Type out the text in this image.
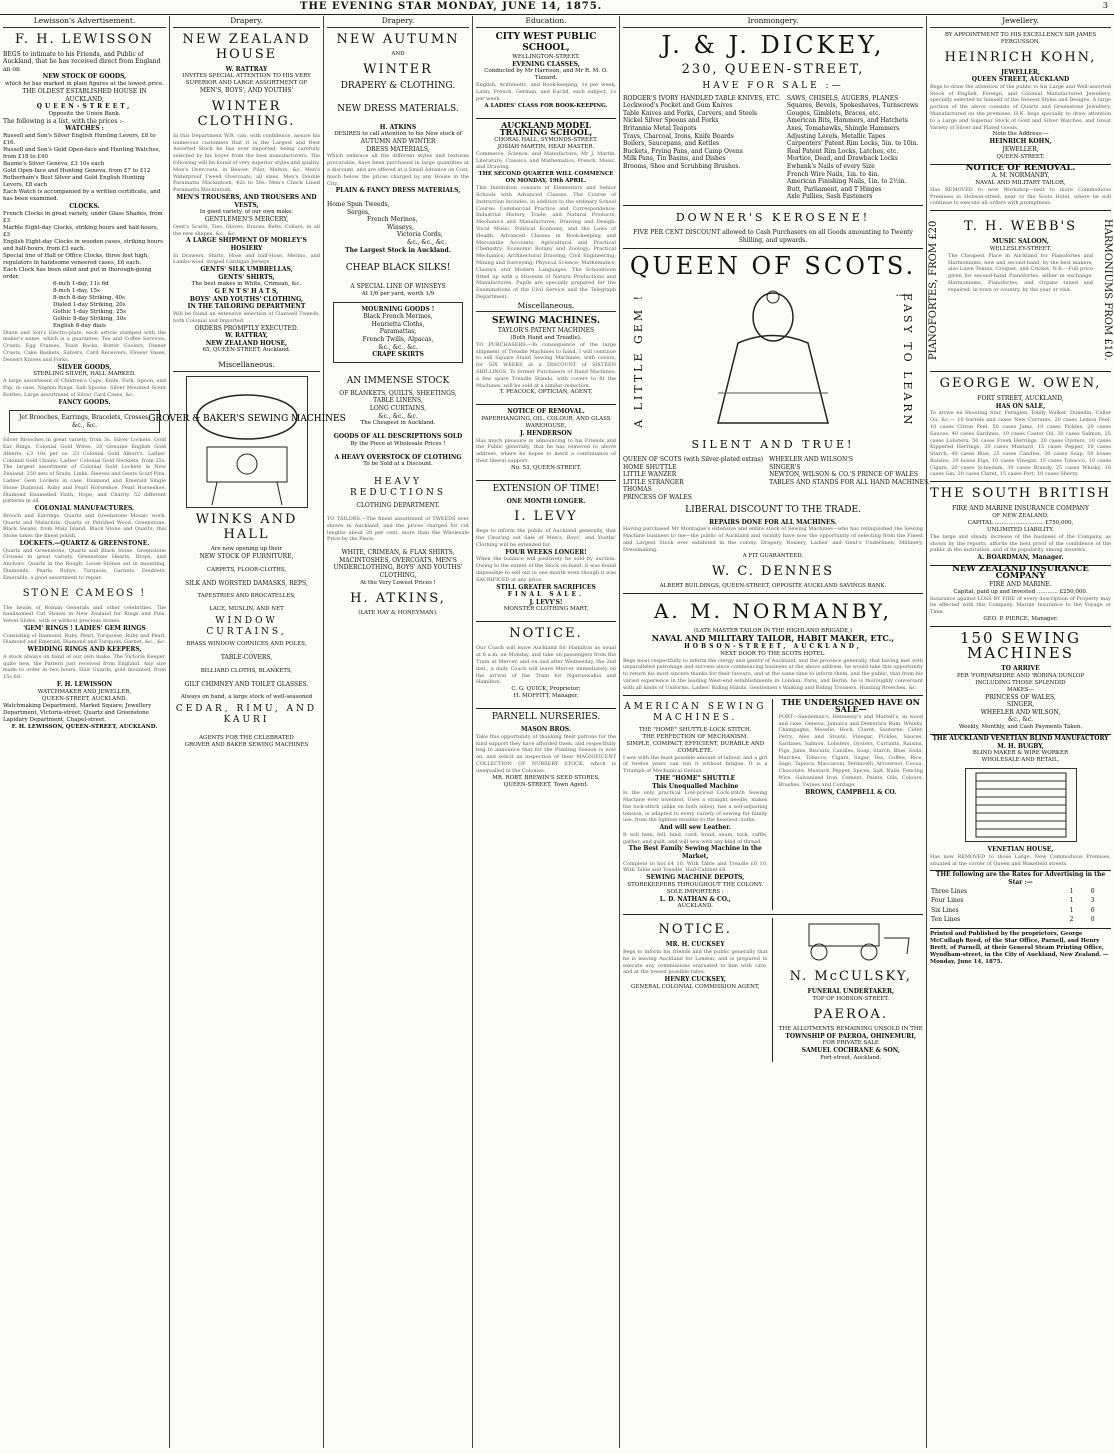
THE EVENING STAR MONDAY, JUNE 14, 1875.	3
Lewisson's Advertisement.
F. H. LEWISSON
BEGS to intimate to his Friends, and Public of Auckland, that he has received direct from England an on
NEW STOCK OF GOODS,
which he has marked in plain figures at the lowest price.
THE OLDEST ESTABLISHED HOUSE IN AUCKLAND,
QUEEN-STREET,
Opposite the Union Bank.
The following is a list, with the prices :-
WATCHES :
Russell and Son's Silver English Hunting Levers, £8 to £16.
Russell and Son's Gold Open-face and Hunting Watches, from £18 to £40
Baume's Silver Geneva, £3 10s each
Gold Open-face and Hunting Geneva, from £7 to £12
Rotherham's Best Silver and Gold English Hunting Levers, £8 each
Each Watch is accompanied by a written certificate, and has been examined.
CLOCKS.
French Clocks in great variety, under Glass Shades, from £3
Marble Eight-day Clocks, striking hours and half-hours, £3
English Eight-day Clocks in wooden cases, striking hours and half-hours, from £3 each.
Special line of Hall or Office Clocks, three feet high, regulators in handsome veneered cases, £6 each.
Each Clock has been oiled and put in thorough-going order.
6-inch 1-day, 11s 6d
8-inch 1-day, 15s
8-inch 8-day Striking, 40s
Dialed 1-day Striking, 20s
Gothic 1-day Striking, 25s
Gothic 8-day Striking, 30s
English 8-day dials
Dixon and Son's Electro-plate, each article stamped with the maker's name, which is a guarantee. Tea and Coffee Services, Cruets, Egg Frames, Toast Racks, Butter Coolers, Dinner Cruets, Cake Baskets, Salvers, Card Receivers, Flower Vases, Dessert Knives and Forks.
SILVER GOODS,
STERLING SILVER, HALL MARKED.
A large assortment of Children's Cups, Knife, Fork, Spoon, and Pap, in case. Napkin Rings, Salt Spoons. Silver Mounted Scent Bottles. Large assortment of Silver Card Cases, &c.
FANCY GOODS.
Jet Brooches, Earrings, Bracelets, Crosses, &c., &c.
Silver Brooches in great variety, from 3s. Silver Lockets. Gold Ear Rings. Colonial Gold Wires. 20 Genuine English Gold Alberts, £3 10s per oz. 23 Colonial Gold Albert's. Ladies' Colonial Gold Chains. Ladies' Colonial Gold Necklets, from 25s. The largest assortment of Colonial Gold Lockets in New Zealand. 250 sets of Studs, Links, Sleeves and Gents Scarf Pins. Ladies' Gem Lockets in case. Diamond and Emerald Single Stone Diamond. Ruby and Pearl Horseshoe. Pearl Horseshoe. Diamond Enamelled Faith, Hope, and Charity. 52 different patterns in all.
COLONIAL MANUFACTURES.
Brooch and Earrings. Quartz and Greenstone Mosaic work. Quartz and Malachite. Quartz or Petrified Wood. Greenstone. Black Swans, from Maiz Island. Black Stone and Quartz; this Stone takes the finest polish.
LOCKETS.—QUARTZ & GREENSTONE.
Quartz and Greenstone, Quartz and Black Stone. Greenstone Crosses in great variety. Greenstone Hearts, Drops, and Anchors. Quartz in the Rough. Loose Stones set in mounting. Diamonds, Pearls, Rubys, Turquois, Garnets. Doublets, Emeralds, a good assortment to repair.
STONE CAMEOS !
The heads of Roman Generals and other celebrities. The handsomest Cut Stones in New Zealand for Rings and Pins. Velvet Slides, with or without precious stones.
'GEM' RINGS ! LADIES' GEM RINGS
Consisting of Diamond, Ruby, Pearl, Turquoise, Ruby and Pearl, Diamond and Emerald, Diamond and Turquois, Garnet, &c., &c.
WEDDING RINGS AND KEEPERS,
A stock always on hand of our own make. The Victoria Keeper, quite new, the Pattern just received from England. Any size made to order in two hours. Hair Guards, gold mounted, from 15s 6d.
F. H. LEWISSON
WATCHMAKER AND JEWELLER,
QUEEN-STREET, AUCKLAND.
Watchmaking Department, Market Square; Jewellery Department, Victoria-street; Quartz and Greenstone Lapidary Department, Chapel-street.
F. H. LEWISSON, QUEEN-STREET, AUCKLAND.
Drapery.
NEW ZEALAND HOUSE
W. RATTRAY
INVITES SPECIAL ATTENTION TO HIS VERY SUPERIOR AND LARGE ASSORTMENT OF
MEN'S, BOYS', AND YOUTHS'
WINTER CLOTHING.
In this Department W.R. can, with confidence, assure his numerous customers that it is the Largest and Best Assorted Stock he has ever imported, being carefully selected by his buyer from the best manufacturers. The following will be found of very superior styles and quality. Men's Overcoats, in Beaver, Pilot, Melton, &c. Men's Waterproof Tweed Overcoats, all sizes. Men's Double Paramatta Mackintosh, 42s to 50s. Men's Check Lined Paramatta Mackintosh.
MEN'S TROUSERS, AND TROUSERS AND VESTS,
In good variety, of our own make.
GENTLEMEN'S MERCERY,
Gent's Scarfs, Ties, Gloves, Braces, Belts, Collars, in all the new shapes, &c., &c.
A LARGE SHIPMENT OF MORLEY'S HOSIERY
In Drawers, Shirts, Hose and half-Hose, Merino, and Lambs-wool, striped Cardigan Jerseys.
GENTS' SILK UMBRELLAS,
GENTS' SHIRTS,
The best makes in White, Crimean, &c.
G E N T S' H A T S,
BOYS' AND YOUTHS' CLOTHING,
IN THE TAILORING DEPARTMENT
Will be found an extensive selection of Clanwell Tweeds, both Colonial and Imported.
ORDERS PROMPTLY EXECUTED.
W. RATTRAY,
NEW ZEALAND HOUSE,
65, QUEEN-STREET, Auckland.
Miscellaneous.
GROVER & BAKER'S SEWING MACHINES
WINKS AND HALL
Are now opening up their
NEW STOCK OF FURNITURE,
CARPETS, FLOOR-CLOTHS,
SILK AND WORSTED DAMASKS, REPS,
TAPESTRIES AND BROCATELLES,
LACE, MUSLIN, AND NET
WINDOW CURTAINS,
BRASS WINDOW CORNICES AND POLES,
TABLE-COVERS,
BILLIARD CLOTHS, BLANKETS,
GILT CHIMNEY AND TOILET GLASSES.
Always on hand, a large stock of well-seasoned
CEDAR, RIMU, AND KAURI
AGENTS FOR THE CELEBRATED
GROVER AND BAKER SEWING MACHINES
Drapery.
NEW AUTUMN
AND
WINTER
DRAPERY & CLOTHING.
NEW DRESS MATERIALS.
H. ATKINS
DESIRES to call attention to his New stock of
AUTUMN AND WINTER
DRESS MATERIALS,
Which embrace all the different styles and textures procurable, have been purchased in large quantities at a discount, and are offered at a Small Advance on Cost, much below the prices charged by any House in the City.
PLAIN & FANCY DRESS MATERIALS,
Home Spun Tweeds,
Serges,
French Merinos,
Winseys,
Victoria Cords,
&c., &c., &c.
The Largest Stock in Auckland.
CHEAP BLACK SILKS!
A SPECIAL LINE OF WINSEYS
At 1/6 per yard, worth 1/9
MOURNING GOODS !
Black French Merinos,
Henrietta Cloths,
Paramattas,
French Twills, Alpacas,
&c., &c., &c.
CRAPE SKIRTS
AN IMMENSE STOCK
OF BLANKETS, QUILTS, SHEETINGS,
TABLE LINENS,
LONG CURTAINS,
&c., &c., &c.
The Cheapest in Auckland.
GOODS OF ALL DESCRIPTIONS SOLD
By the Piece at Wholesale Prices !
A HEAVY OVERSTOCK OF CLOTHING
To be Sold at a Discount.
HEAVY REDUCTIONS
CLOTHING DEPARTMENT.
TO TAILORS.—The finest assortment of TWEEDS ever shown in Auckland, and the prices charged for cut lengths about 20 per cent. more than the Wholesale Price by the Piece.
WHITE, CRIMEAN, & FLAX SHIRTS, MACINTOSHES, OVERCOATS, MEN'S UNDERCLOTHING, BOYS' AND YOUTHS' CLOTHING,
At the Very Lowest Prices !
H. ATKINS,
(LATE HAY & HONEYMAN).
Education.
CITY WEST PUBLIC SCHOOL,
WELLINGTON-STREET.
EVENING CLASSES,
Conducted by Mr Harrison, and Mr R. M. O. Tizzard.
English, Arithmetic, and Book-keeping, 1s per week. Latin, French, German, and Euclid, each subject, 1s per week.
A LADIES' CLASS FOR BOOK-KEEPING.
AUCKLAND MODEL TRAINING SCHOOL,
CHORAL HALL, SYMONDS-STREET.
JOSIAH MARTIN, HEAD MASTER.
Commerce, Science, and Manufacture, Mr J. Martin. Literature, Classics, and Mathematics, French, Music, and Drawing.
THE SECOND QUARTER WILL COMMENCE ON MONDAY, 19th APRIL.
This Institution consists of Elementary and Senior Schools with Advanced Classes. The Course of Instruction includes, in addition to the ordinary School Course: Commercial Practice and Correspondence; Industrial History, Trade, and Natural Products; Mechanics and Manufactures; Drawing and Design: Vocal Music; Political Economy, and the Laws of Health. Advanced Classes in Book-keeping and Mercantile Accounts; Agricultural and Practical Chemistry; Economic Botany and Zoology; Practical Mechanics; Architectural Drawing; Civil Engineering; Mining and Surveying; Physical Science; Mathematics; Classics and Modern Languages. The Schoolroom fitted up with a Museum of Natura Productions and Manufactures. Pupils are specially prepared for the Examinations of the Civil Service and the Telegraph Department.
Miscellaneous.
SEWING MACHINES.
TAYLOR'S PATENT MACHINES
(Both Hand and Treadle).
TO PURCHASERS.—In consequence of the large shipment of Treadle Machines to hand, I will continue to sell Square Stand Sewing Machines, with covers, for SIX WEEKS at a DISCOUNT of SIXTEEN SHILLINGS. To former Purchasers of Hand Machines, a few spare Treadle Stands, with covers to fit the Machines, will be sold at a similar reduction.
T. PEACOCK, OPTICIAN, AGENT,
NOTICE OF REMOVAL.
PAPERHANGING, OIL, COLOUR, AND GLASS WAREHOUSE,
J. HENDERSON
Has much pleasure in announcing to his Friends and the Public generally, that he has removed to above address, where he hopes to merit a continuance of their liberal support.
No. 53, QUEEN-STREET.
EXTENSION OF TIME!
ONE MONTH LONGER.
I. LEVY
Begs to inform the public of Auckland generally, that the Clearing out Sale of Men's, Boys', and Youths' Clothing will be extended for
FOUR WEEKS LONGER!
When the balance will positively be sold by auction. Owing to the extent of the Stock on hand, it was found impossible to sell out in one month even though it was SACRIFICED at any price.
STILL GREATER SACRIFICES
FINAL SALE.
J. LEVY'S!
MONSTER CLOTHING MART,
NOTICE.
Our Coach will leave Auckland for Hamilton as usual at 6 a.m. on Monday, and take on passengers from the Train at Mercer, and on and after Wednesday, the 2nd inst., a daily Coach will leave Mercer immediately on the arrival of the Train for Ngaruawahia and Hamilton.
C. G. QUICK, Proprietor;
H. MOFFITT, Manager.
PARNELL NURSERIES.
MASON BROS.
Take this opportunity of thanking their patrons for the kind support they have afforded them, and respectfully beg to announce that for the Planting Season is now on, and solicit an inspection of their MAGNIFICENT COLLECTION OF NURSERY STOCK, which is unequalled in the Colonies.
MR. ROBT. BREWIN'S SEED STORES,
QUEEN-STREET, Town Agent.
Ironmongery.
J. & J. DICKEY,
230, QUEEN-STREET,
HAVE FOR SALE :—
RODGER'S IVORY HANDLED TABLE KNIVES, ETC.
Lockwood's Pocket and Gum Knives
Table Knives and Forks, Carvers, and Steels
Nickel Silver Spoons and Forks
Britannia Metal Teapots
Trays, Charcoal, Irons, Knife Boards
Boilers, Saucepans, and Kettles
Buckets, Frying Pans, and Camp Ovens
Milk Pans, Tin Basins, and Dishes
Brooms, Shoe and Scrubbing Brushes.
SAWS, CHISELS, AUGERS, PLANES
Squares, Bevels, Spokeshaves, Turnscrews
Gouges, Gimblets, Braces, etc.
American Bits, Hammers, and Hatchets
Axes, Tomahawks, Shingle Hammers
Adjusting Levels, Metallic Tapes
Carpenters' Patent Rim Locks, 5in. to 10in.
Real Patent Rim Locks, Latches, etc.
Mortice, Dead, and Drawback Locks
Ewbank's Nails of every Size
French Wire Nails, 1in. to 4in.
American Finishing Nails, 1in. to 2½in.
Butt, Parliament, and T Hinges
Axle Pullies, Sash Fasteners
DOWNER'S KEROSENE!
FIVE PER CENT DISCOUNT allowed to Cash Purchasers on all Goods amounting to Twenty Shilling, and upwards.
QUEEN OF SCOTS.
A LITTLE GEM !	EASY TO LEARN !
SILENT AND TRUE!
QUEEN OF SCOTS (with Silver-plated extras)
HOME SHUTTLE
LITTLE WANZER
LITTLE STRANGER
THOMAS
PRINCESS OF WALES
WHEELER AND WILSON'S
SINGER'S
NEWTON, WILSON & CO.'S PRINCE OF WALES
TABLES AND STANDS FOR ALL HAND MACHINES.
LIBERAL DISCOUNT TO THE TRADE.
REPAIRS DONE FOR ALL MACHINES.
Having purchased Mr Montague's extensive and entire stock of Sewing Machines—who has relinquished the Sewing Machine business to me—the public of Auckland and vicinity have now the opportunity of selecting from the Finest and Largest Stock ever exhibited in the colony. Drapery, Hosiery, Ladies' and Gent's Underlinen, Millinery, Dressmaking.
A FIT GUARANTEED.
W. C. DENNES
ALBERT BUILDINGS, QUEEN-STREET, OPPOSITE AUCKLAND SAVINGS BANK.
A. M. NORMANBY,
(LATE MASTER TAILOR IN THE HIGHLAND BRIGADE,)
NAVAL AND MILITARY TAILOR, HABIT MAKER, ETC.,
HOBSON-STREET, AUCKLAND,
NEXT DOOR TO THE SCOTS HOTEL.
Begs most respectfully to inform the clergy and gentry of Auckland, and the province generally, that having met with unparalleled patronage and success since commencing business at the above address, he would take this opportunity to return his most sincere thanks for their favours, and at the same time to inform them, and the public, that from his varied experience in the leading West-end establishments in London, Paris, and Berlin, he is thoroughly conversant with all kinds of Uniforms, Ladies' Riding Habits, Gentlemen's Walking and Riding Trousers, Hunting Breeches, &c.
AMERICAN SEWING MACHINES.
THE "HOME" SHUTTLE-LOCK STITCH.
THE PERFECTION OF MECHANISM.
SIMPLE, COMPACT, EFFICIENT, DURABLE AND COMPLETE.
I sew with the least possible amount of labour, and a girl of twelve years can run it without fatigue. It is a Triumph of Mechanical Genius.
THE "HOME" SHUTTLE
This Unequalled Machine
Is the only practical Low-priced Lock-stitch Sewing Machine ever invented. Uses a straight needle, makes the lock-stitch (alike on both sides), has a self-adjusting tension, is adapted to every variety of sewing for family use, from the lightest muslins to the heaviest cloths.
And will sew Leather.
It will hem, fell, bind, cord, braid, seam, tuck, ruffle, gather, and quilt, and will sew with any kind of thread.
The Best Family Sewing Machine in the Market,
Complete to hot £4 10. With Table and Treadle £6 10. With Table and Treadle, Half-Cabinet £8.
SEWING MACHINE DEPOTS,
STOREKEEPERS THROUGHOUT THE COLONY.
SOLE IMPORTERS :
L. D. NATHAN & CO.,
AUCKLAND.
THE UNDERSIGNED HAVE ON SALE—
PORT—Sandeman's. Hennessy's and Martell's, in wood and case. Geneva, Jamaica and Demerara Rum. Whisky, Champagne, Moselle, Hock, Claret, Sauterne, Cider, Perry, Ales and Stouts, Vinegar, Pickles, Sauces, Sardines, Salmon, Lobsters, Oysters, Currants, Raisins, Figs, Jams, Biscuits, Candles, Soap, Starch, Blue, Soda, Matches, Tobacco, Cigars, Sugar, Tea, Coffee, Rice, Sago, Tapioca, Maccaroni, Vermicelli, Arrowroot, Cocoa, Chocolate, Mustard, Pepper, Spices, Salt, Nails, Fencing Wire, Galvanised Iron, Cement, Paints, Oils, Colours, Brushes, Twines and Cordage.
BROWN, CAMPBELL & CO.
NOTICE.
MR. H. CUCKSEY
Begs to inform his friends and the public generally that he is leaving Auckland for London, and is prepared to execute any commissions entrusted to him with care, and at the lowest possible rates.
HENRY CUCKSEY,
GENERAL COLONIAL COMMISSION AGENT,
N. McCULSKY,
FUNERAL UNDERTAKER,
TOP OF HOBSON-STREET.
PAEROA.
THE ALLOTMENTS REMAINING UNSOLD IN THE
TOWNSHIP OF PAEROA, OHINEMURI,
FOR PRIVATE SALE
SAMUEL COCHRANE & SON,
Fort-street, Auckland.
Jewellery.
BY APPOINTMENT TO HIS EXCELLENCY SIR JAMES FERGUSSON.
HEINRICH KOHN,
JEWELLER,
QUEEN STREET, AUCKLAND
Begs to draw the attention of the public to his Large and Well-assorted Stock of English, Foreign, and Colonial Manufactured Jewellery, specially selected by himself of the Newest Styles and Designs. A large portion of the above consists of Quartz and Greenstone Jewellery, Manufactured on the premises. H.K. begs specially to draw attention to a Large and Superior Stock of Gold and Silver Watches, and Great Variety of Silver and Plated Goods.
Note the Address:—
HEINRICH KOHN,
JEWELLER,
QUEEN-STREET.
NOTICE OF REMOVAL.
A. M. NORMANBY,
NAVAL AND MILITARY TAILOR,
Has REMOVED to new Workshop—next to more Commodious Premises in Hobson-street, near to the Scots Hotel, where he will continue to execute all orders with promptness.
PIANOFORTES, FROM £20	HARMONIUMS FROM £10.
T. H. WEBB'S
MUSIC SALOON,
WELLESLEY-STREET.
The Cheapest Place in Auckland for Pianofortes and Harmoniums, new and second-hand, by the best makers; also Lawn Tennis, Croquet, and Cricket. N.B.—Full price given for second-hand Pianofortes, either in exchange. Harmoniums, Pianofortes, and Organs tuned and repaired, in town or country, by the year or visit.
GEORGE W. OWEN,
FORT STREET, AUCKLAND,
HAS ON SALE,
To arrive ex Shooting Star, Fernglen, Emily Walker, Dunedin, Caller Ou, &c.— 10 barrels and cases New Currants, 20 cases Lemon Peel, 10 cases Citron Peel, 50 cases Jams, 10 cases Pickles, 20 cases Sauces, 40 cases Sardines, 10 cases Castor Oil, 30 cases Salmon, 25 cases Lobsters, 50 cases Fresh Herrings, 20 cases Oysters, 10 cases Kippered Herrings, 20 cases Mustard, 15 cases Pepper, 10 cases Starch, 40 cases Blue, 25 cases Candles, 30 cases Soap, 50 boxes Raisins, 20 boxes Figs, 10 cases Vinegar, 15 cases Tobacco, 10 cases Cigars, 20 cases Schiedam, 30 cases Brandy, 25 cases Whisky, 10 cases Gin, 20 cases Claret, 15 cases Port, 10 cases Sherry.
THE SOUTH BRITISH
FIRE AND MARINE INSURANCE COMPANY
OF NEW ZEALAND.
CAPITAL ............................ £750,000,
UNLIMITED LIABILITY.
The large and steady increase of the business of the Company, as shown by the reports, affords the best proof of the confidence of the public in the institution, and of its popularity among insurers.
A. BOARDMAN, Manager.
NEW ZEALAND INSURANCE COMPANY
FIRE AND MARINE.
Capital, paid up and invested ............ £250,000.
Insurance against LOSS BY FIRE of every description of Property may be effected with this Company. Marine Insurance to the Voyage or Time.
GEO. P. PIERCE, Manager.
150 SEWING MACHINES
TO ARRIVE
PER 'FORFARSHIRE AND 'ROBINA DUNLOP
INCLUDING THOSE SPLENDID
MAKES—
PRINCESS OF WALES,
SINGER,
WHEELER AND WILSON,
&c., &c.
Weekly, Monthly, and Cash Payments Taken.
THE AUCKLAND VENETIAN BLIND MANUFACTORY
M. H. BUGBY,
BLIND MAKER & WIRE WORKER
WHOLESALE AND RETAIL,
VENETIAN HOUSE,
Has now REMOVED to those Large, New Commodious Premises, situated at the corner of Queen and Wakefield streets.
THE following are the Rates for Advertising in the Star :—
Three Lines	1	0
Four Lines	1	3
Six Lines	1	6
Ten Lines	2	0
Printed and Published by the proprietors, George McCullagh Reed, of the Star Office, Parnell, and Henry Brett, of Parnell, at their General Steam Printing Office, Wyndham-street, in the City of Auckland, New Zealand. — Monday, June 14, 1875.
